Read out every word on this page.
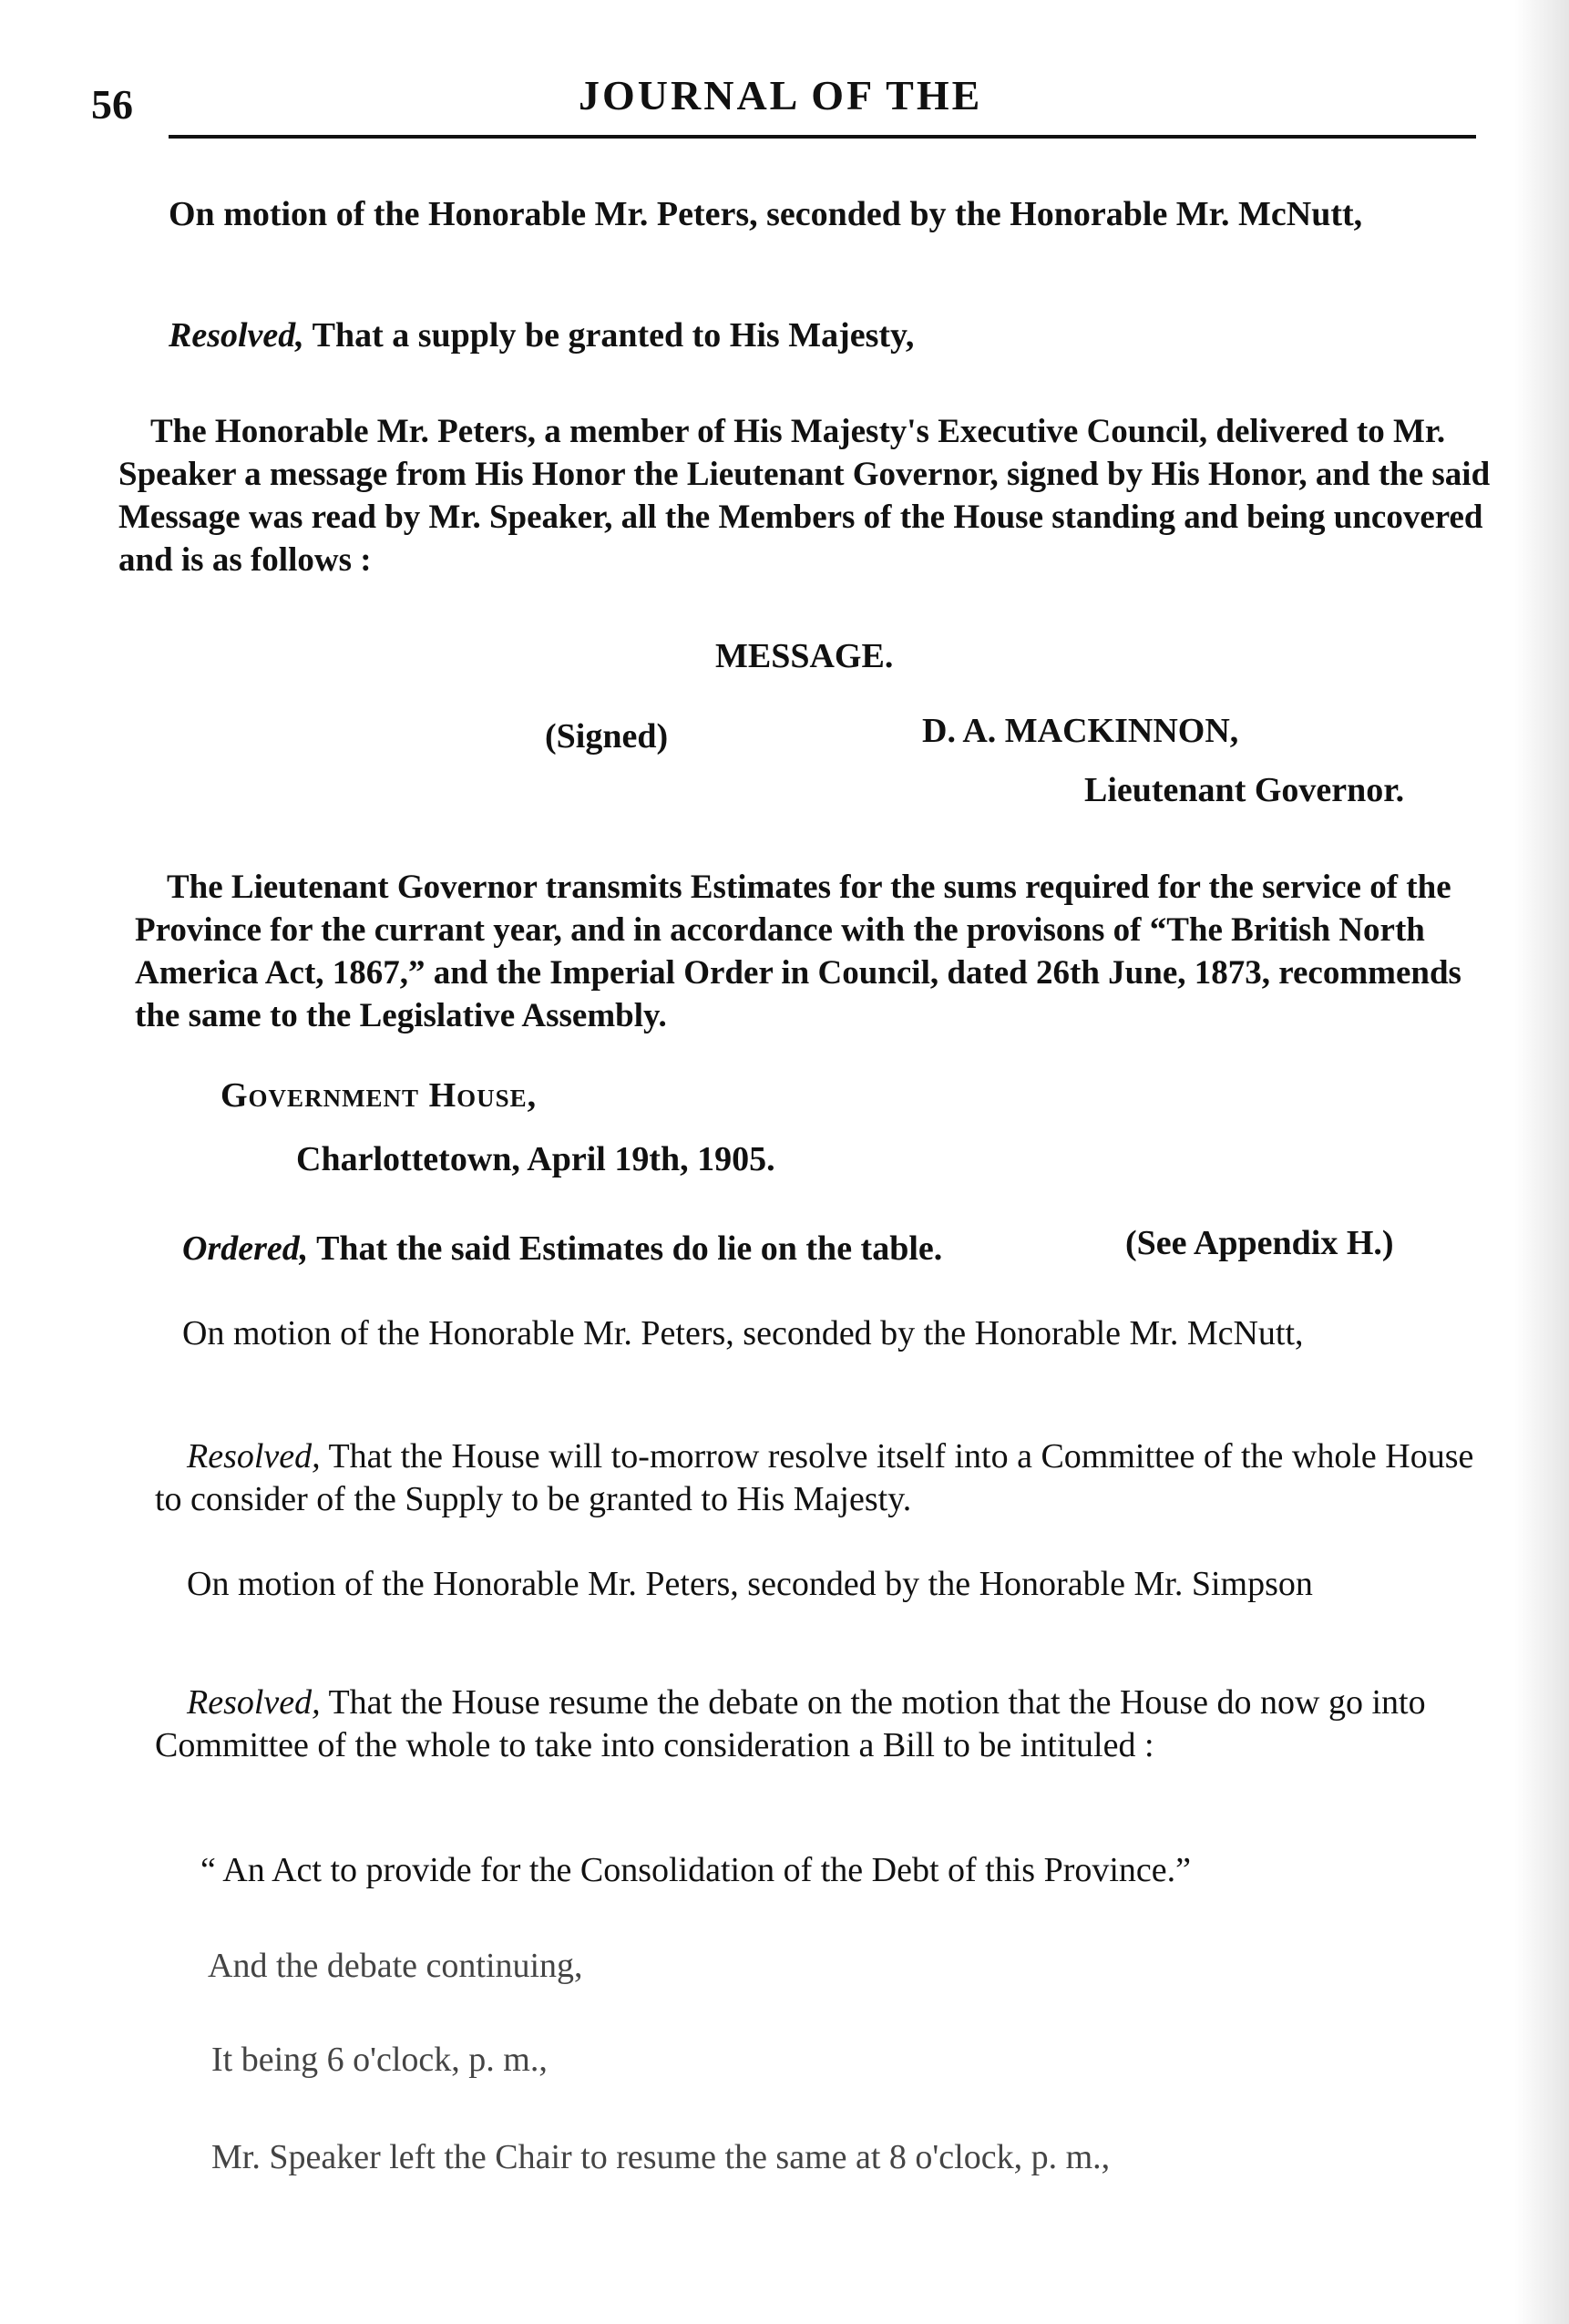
56	JOURNAL OF THE

On motion of the Honorable Mr. Peters, seconded by the Honorable Mr. McNutt,

Resolved, That a supply be granted to His Majesty,

The Honorable Mr. Peters, a member of His Majesty's Executive Council, delivered to Mr. Speaker a message from His Honor the Lieutenant Governor, signed by His Honor, and the said Message was read by Mr. Speaker, all the Members of the House standing and being uncovered and is as follows :

MESSAGE.
(Signed)	D. A. MACKINNON,
Lieutenant Governor.

The Lieutenant Governor transmits Estimates for the sums required for the service of the Province for the currant year, and in accordance with the provisons of “The British North America Act, 1867,” and the Imperial Order in Council, dated 26th June, 1873, recommends the same to the Legislative Assembly.

Government House,
Charlottetown, April 19th, 1905.
Ordered, That the said Estimates do lie on the table.	(See Appendix H.)

On motion of the Honorable Mr. Peters, seconded by the Honorable Mr. McNutt,

Resolved, That the House will to-morrow resolve itself into a Committee of the whole House to consider of the Supply to be granted to His Majesty.

On motion of the Honorable Mr. Peters, seconded by the Honorable Mr. Simpson

Resolved, That the House resume the debate on the motion that the House do now go into Committee of the whole to take into consideration a Bill to be intituled :

“ An Act to provide for the Consolidation of the Debt of this Province.”
And the debate continuing,
It being 6 o'clock, p. m.,
Mr. Speaker left the Chair to resume the same at 8 o'clock, p. m.,
